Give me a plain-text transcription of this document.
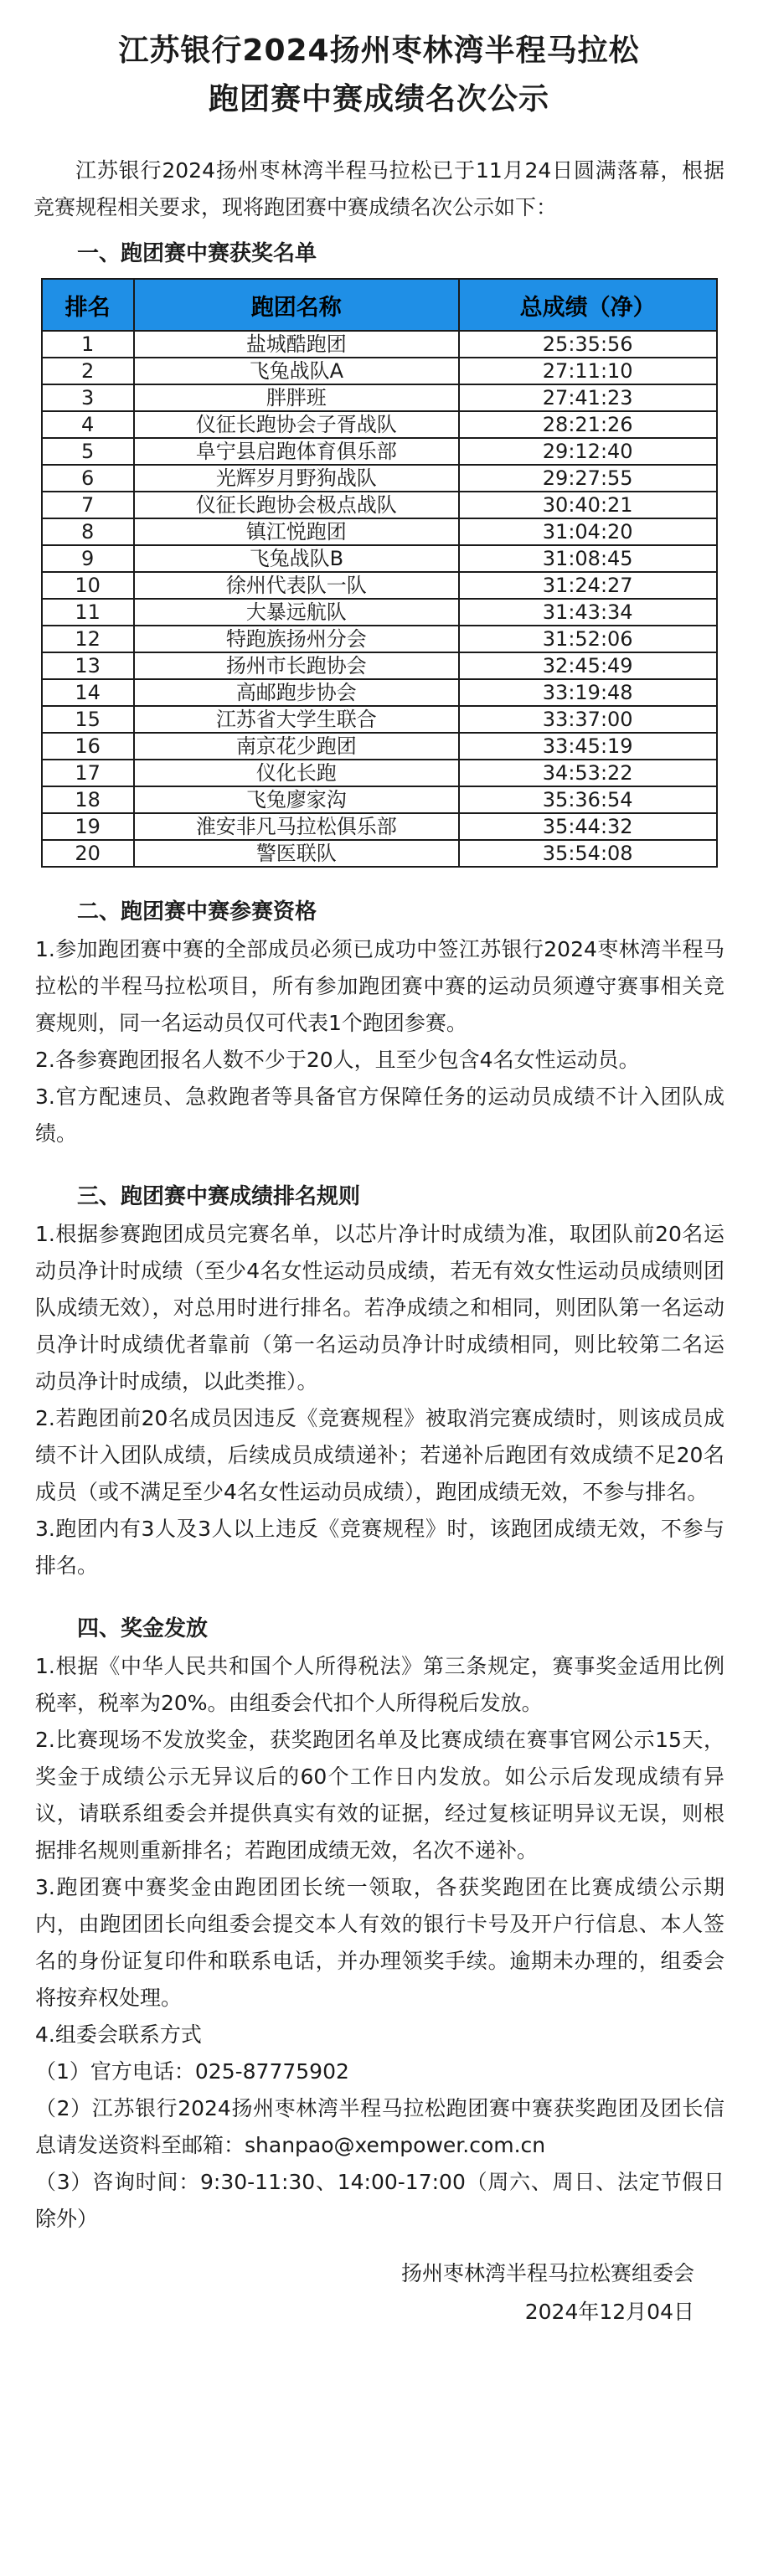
江苏银行2024扬州枣林湾半程马拉松
跑团赛中赛成绩名次公示
江苏银行2024扬州枣林湾半程马拉松已于11月24日圆满落幕，根据竞赛规程相关要求，现将跑团赛中赛成绩名次公示如下：
一、跑团赛中赛获奖名单
排名	跑团名称	总成绩（净）
1	盐城酷跑团	25:35:56
2	飞兔战队A	27:11:10
3	胖胖班	27:41:23
4	仪征长跑协会子胥战队	28:21:26
5	阜宁县启跑体育俱乐部	29:12:40
6	光辉岁月野狗战队	29:27:55
7	仪征长跑协会极点战队	30:40:21
8	镇江悦跑团	31:04:20
9	飞兔战队B	31:08:45
10	徐州代表队一队	31:24:27
11	大暴远航队	31:43:34
12	特跑族扬州分会	31:52:06
13	扬州市长跑协会	32:45:49
14	高邮跑步协会	33:19:48
15	江苏省大学生联合	33:37:00
16	南京花少跑团	33:45:19
17	仪化长跑	34:53:22
18	飞兔廖家沟	35:36:54
19	淮安非凡马拉松俱乐部	35:44:32
20	警医联队	35:54:08
二、跑团赛中赛参赛资格
1.参加跑团赛中赛的全部成员必须已成功中签江苏银行2024枣林湾半程马拉松的半程马拉松项目，所有参加跑团赛中赛的运动员须遵守赛事相关竞赛规则，同一名运动员仅可代表1个跑团参赛。
2.各参赛跑团报名人数不少于20人，且至少包含4名女性运动员。
3.官方配速员、急救跑者等具备官方保障任务的运动员成绩不计入团队成绩。
三、跑团赛中赛成绩排名规则
1.根据参赛跑团成员完赛名单，以芯片净计时成绩为准，取团队前20名运动员净计时成绩（至少4名女性运动员成绩，若无有效女性运动员成绩则团队成绩无效），对总用时进行排名。若净成绩之和相同，则团队第一名运动员净计时成绩优者靠前（第一名运动员净计时成绩相同，则比较第二名运动员净计时成绩，以此类推）。
2.若跑团前20名成员因违反《竞赛规程》被取消完赛成绩时，则该成员成绩不计入团队成绩，后续成员成绩递补；若递补后跑团有效成绩不足20名成员（或不满足至少4名女性运动员成绩），跑团成绩无效，不参与排名。
3.跑团内有3人及3人以上违反《竞赛规程》时，该跑团成绩无效，不参与排名。
四、奖金发放
1.根据《中华人民共和国个人所得税法》第三条规定，赛事奖金适用比例税率，税率为20%。由组委会代扣个人所得税后发放。
2.比赛现场不发放奖金，获奖跑团名单及比赛成绩在赛事官网公示15天，奖金于成绩公示无异议后的60个工作日内发放。如公示后发现成绩有异议，请联系组委会并提供真实有效的证据，经过复核证明异议无误，则根据排名规则重新排名；若跑团成绩无效，名次不递补。
3.跑团赛中赛奖金由跑团团长统一领取，各获奖跑团在比赛成绩公示期内，由跑团团长向组委会提交本人有效的银行卡号及开户行信息、本人签名的身份证复印件和联系电话，并办理领奖手续。逾期未办理的，组委会将按弃权处理。
4.组委会联系方式
（1）官方电话：025-87775902
（2）江苏银行2024扬州枣林湾半程马拉松跑团赛中赛获奖跑团及团长信息请发送资料至邮箱：shanpao@xempower.com.cn
（3）咨询时间：9:30-11:30、14:00-17:00（周六、周日、法定节假日除外）
扬州枣林湾半程马拉松赛组委会
2024年12月04日
